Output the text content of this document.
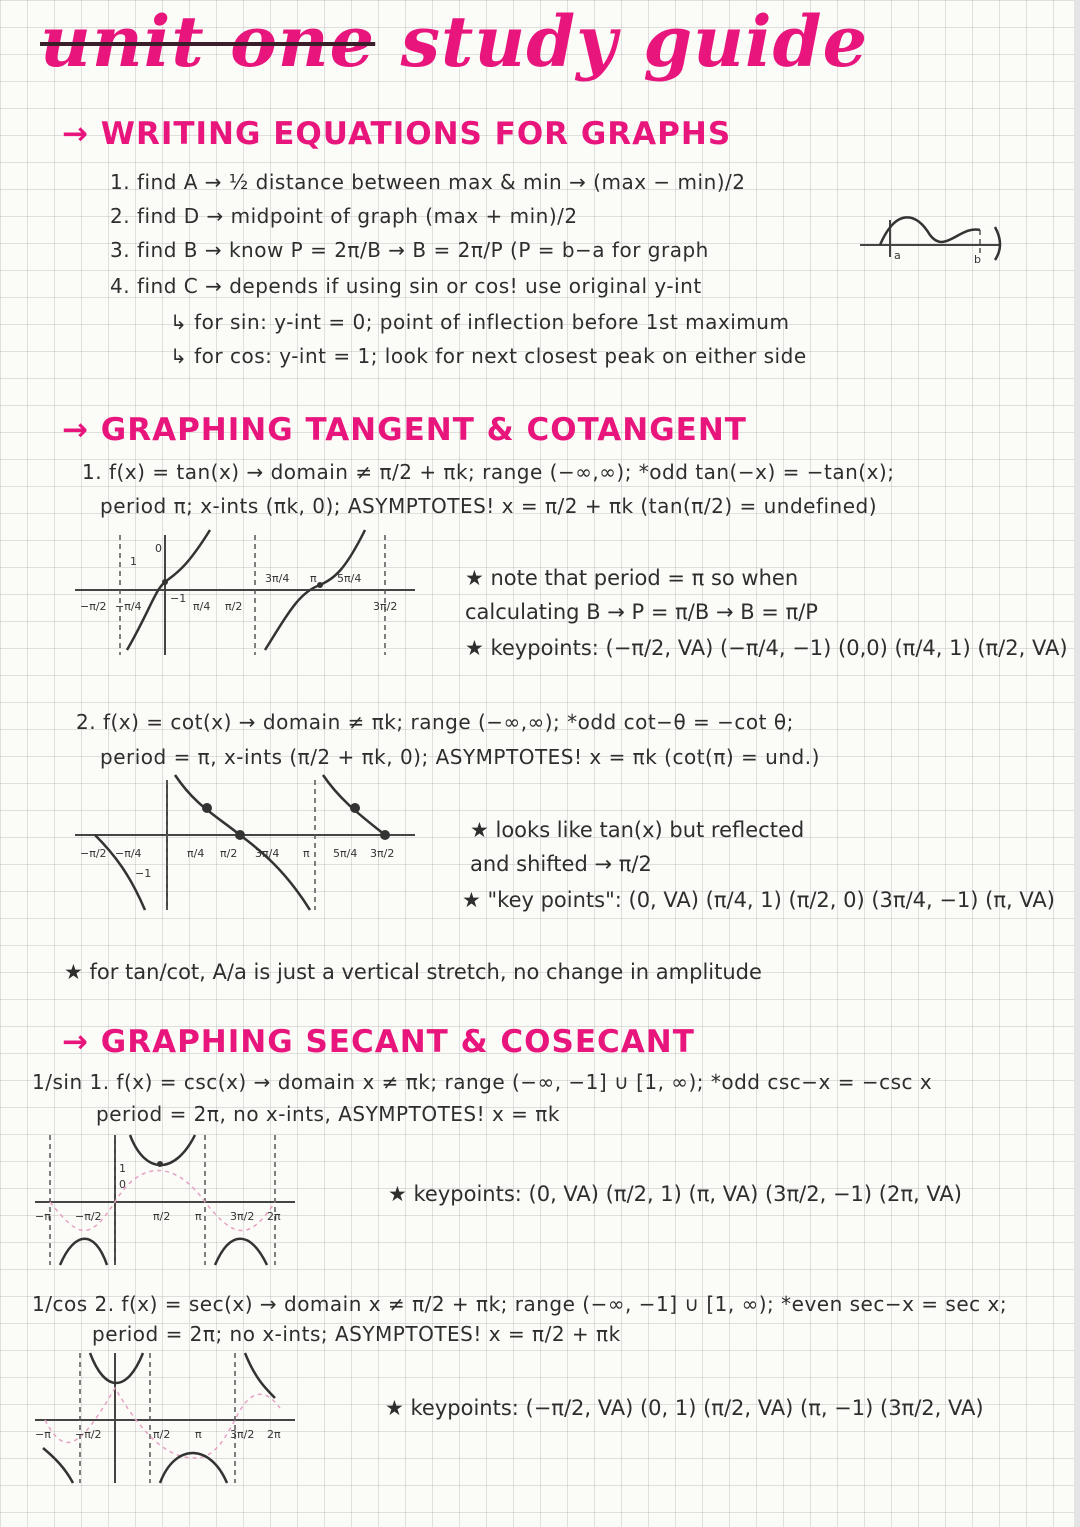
unit one study guide
→ WRITING EQUATIONS FOR GRAPHS
1. find A → ½ distance between max & min → (max − min)/2
2. find D → midpoint of graph (max + min)/2
3. find B → know P = 2π/B → B = 2π/P (P = b−a for graph
4. find C → depends if using sin or cos! use original y-int
↳ for sin: y-int = 0; point of inflection before 1st maximum
↳ for cos: y-int = 1; look for next closest peak on either side
a	b
→ GRAPHING TANGENT & COTANGENT
1. f(x) = tan(x) → domain ≠ π/2 + πk; range (−∞,∞); *odd tan(−x) = −tan(x);
period π; x-ints (πk, 0); ASYMPTOTES! x = π/2 + πk (tan(π/2) = undefined)
1
−1
0
−π/2 −π/4	π/4 π/2
3π/4 π 5π/4
3π/2
★ note that period = π so when
calculating B → P = π/B → B = π/P
★ keypoints: (−π/2, VA) (−π/4, −1) (0,0) (π/4, 1) (π/2, VA)
2. f(x) = cot(x) → domain ≠ πk; range (−∞,∞); *odd cot−θ = −cot θ;
period = π, x-ints (π/2 + πk, 0); ASYMPTOTES! x = πk (cot(π) = und.)
−1
−π/2 −π/4	π/4 π/2 3π/4 π 5π/4 3π/2
★ looks like tan(x) but reflected
and shifted → π/2
★ "key points": (0, VA) (π/4, 1) (π/2, 0) (3π/4, −1) (π, VA)
★ for tan/cot, A/a is just a vertical stretch, no change in amplitude
→ GRAPHING SECANT & COSECANT
1/sin 1. f(x) = csc(x) → domain x ≠ πk; range (−∞, −1] ∪ [1, ∞); *odd csc−x = −csc x
period = 2π, no x-ints, ASYMPTOTES! x = πk
0
1
−π −π/2	π/2 π	3π/2 2π
★ keypoints: (0, VA) (π/2, 1) (π, VA) (3π/2, −1) (2π, VA)
1/cos 2. f(x) = sec(x) → domain x ≠ π/2 + πk; range (−∞, −1] ∪ [1, ∞); *even sec−x = sec x;
period = 2π; no x-ints; ASYMPTOTES! x = π/2 + πk
−π −π/2	π/2 π	3π/2 2π
★ keypoints: (−π/2, VA) (0, 1) (π/2, VA) (π, −1) (3π/2, VA)
